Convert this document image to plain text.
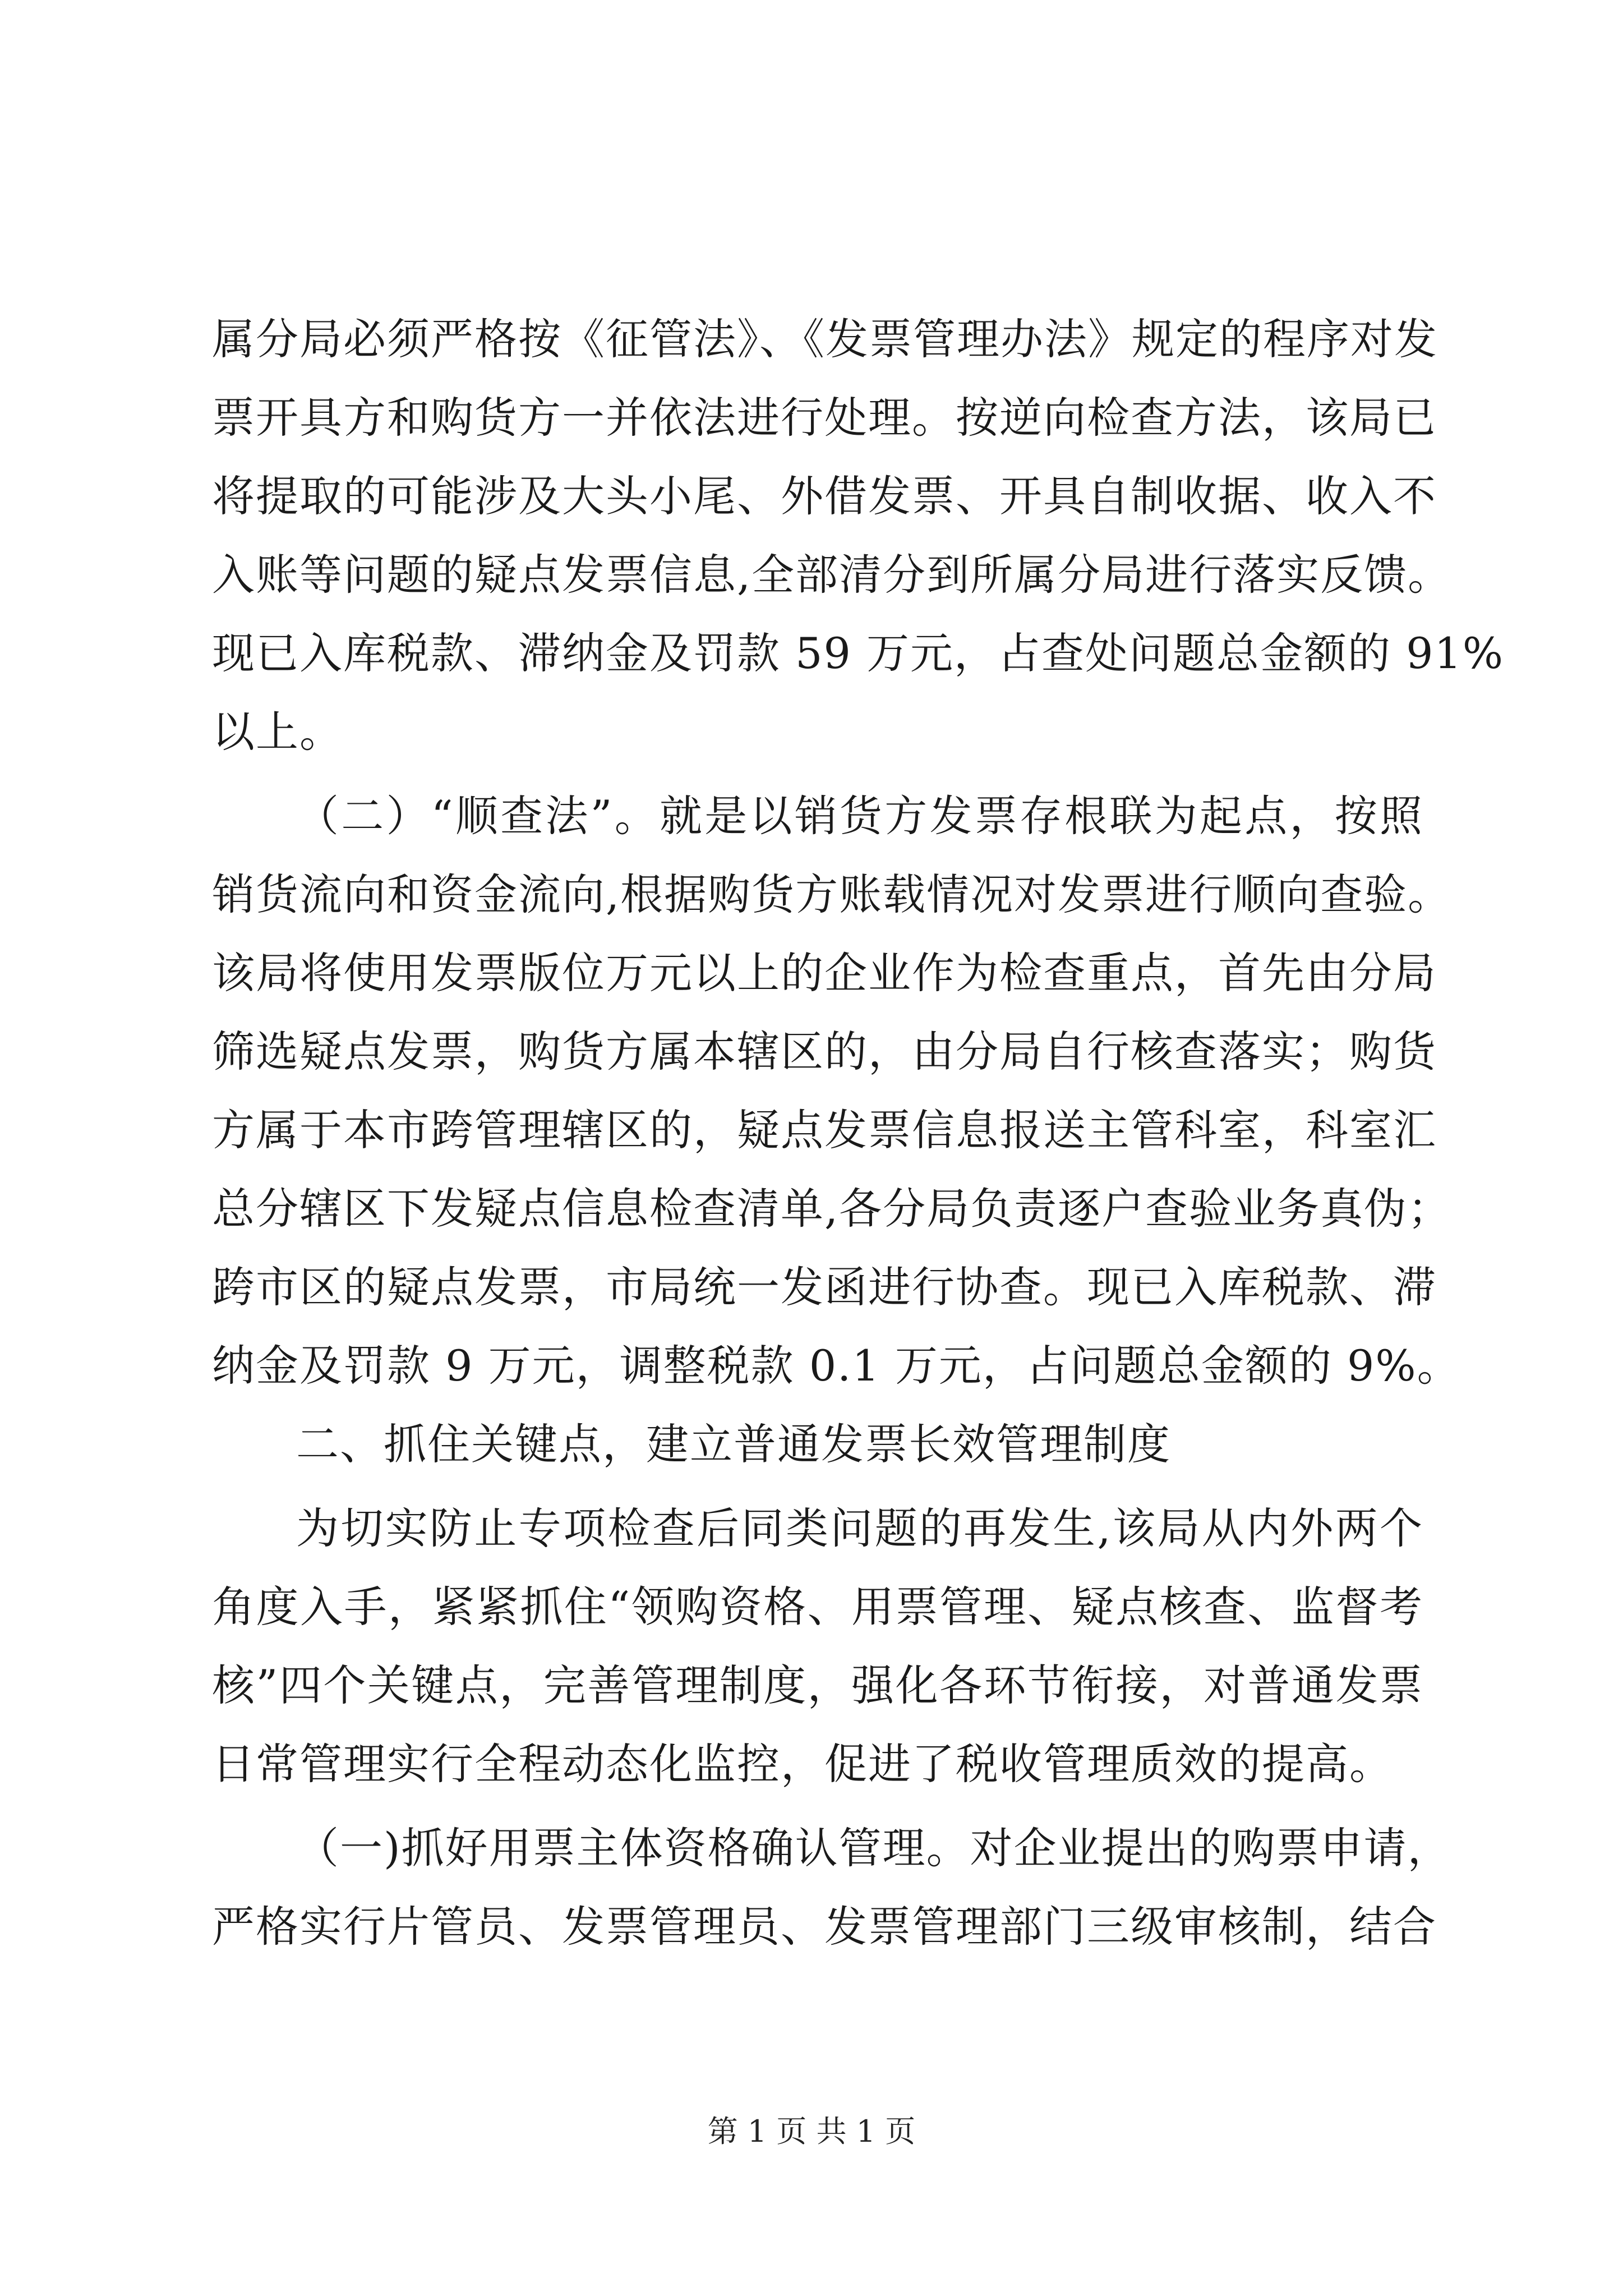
属分局必须严格按《征管法》、《发票管理办法》规定的程序对发
票开具方和购货方一并依法进行处理。按逆向检查方法，该局已
将提取的可能涉及大头小尾、外借发票、开具自制收据、收入不
入账等问题的疑点发票信息,全部清分到所属分局进行落实反馈。
现已入库税款、滞纳金及罚款 59 万元，占查处问题总金额的 91%
以上。
（二）“顺查法”。就是以销货方发票存根联为起点，按照
销货流向和资金流向,根据购货方账载情况对发票进行顺向查验。
该局将使用发票版位万元以上的企业作为检查重点，首先由分局
筛选疑点发票，购货方属本辖区的，由分局自行核查落实；购货
方属于本市跨管理辖区的，疑点发票信息报送主管科室，科室汇
总分辖区下发疑点信息检查清单,各分局负责逐户查验业务真伪；
跨市区的疑点发票，市局统一发函进行协查。现已入库税款、滞
纳金及罚款 9 万元，调整税款 0.1 万元，占问题总金额的 9%。
二、抓住关键点，建立普通发票长效管理制度
为切实防止专项检查后同类问题的再发生,该局从内外两个
角度入手，紧紧抓住“领购资格、用票管理、疑点核查、监督考
核”四个关键点，完善管理制度，强化各环节衔接，对普通发票
日常管理实行全程动态化监控，促进了税收管理质效的提高。
（一)抓好用票主体资格确认管理。对企业提出的购票申请，
严格实行片管员、发票管理员、发票管理部门三级审核制，结合
第 1 页 共 1 页
